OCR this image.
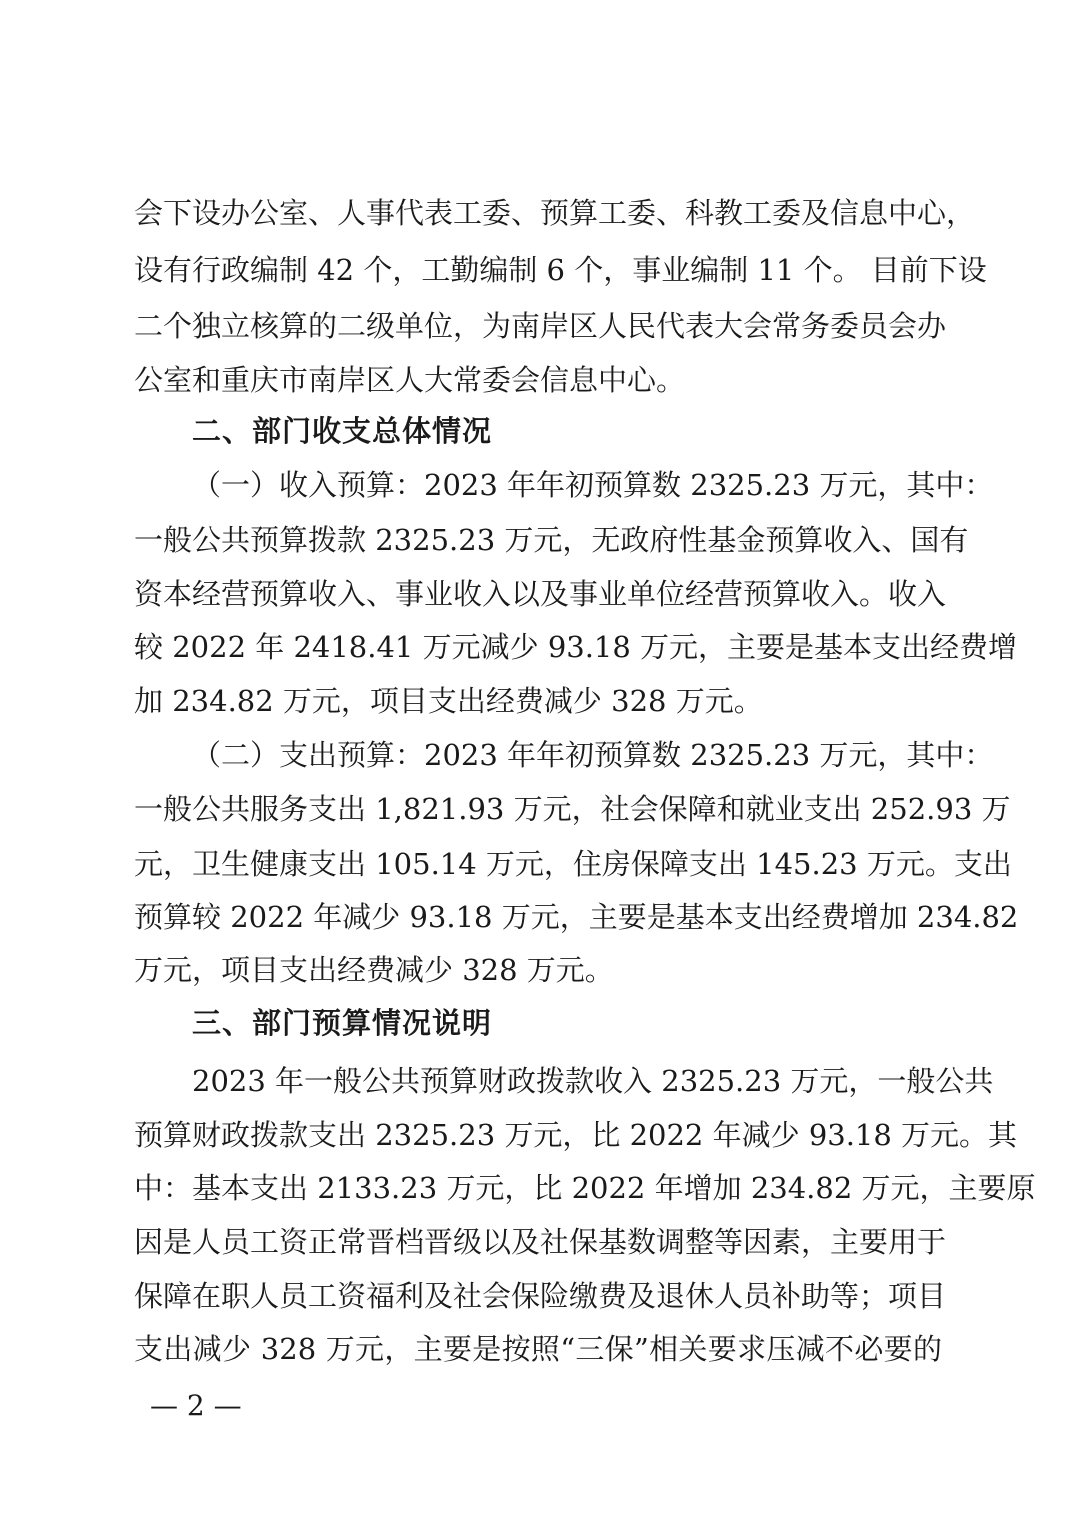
会下设办公室、人事代表工委、预算工委、科教工委及信息中心，
设有行政编制 42 个，工勤编制 6 个，事业编制 11 个。 目前下设
二个独立核算的二级单位，为南岸区人民代表大会常务委员会办
公室和重庆市南岸区人大常委会信息中心。
二、部门收支总体情况
（一）收入预算：2023 年年初预算数 2325.23 万元，其中：
一般公共预算拨款 2325.23 万元，无政府性基金预算收入、国有
资本经营预算收入、事业收入以及事业单位经营预算收入。收入
较 2022 年 2418.41 万元减少 93.18 万元，主要是基本支出经费增
加 234.82 万元，项目支出经费减少 328 万元。
（二）支出预算：2023 年年初预算数 2325.23 万元，其中：
一般公共服务支出 1,821.93 万元，社会保障和就业支出 252.93 万
元，卫生健康支出 105.14 万元，住房保障支出 145.23 万元。支出
预算较 2022 年减少 93.18 万元，主要是基本支出经费增加 234.82
万元，项目支出经费减少 328 万元。
三、部门预算情况说明
2023 年一般公共预算财政拨款收入 2325.23 万元，一般公共
预算财政拨款支出 2325.23 万元，比 2022 年减少 93.18 万元。其
中：基本支出 2133.23 万元，比 2022 年增加 234.82 万元，主要原
因是人员工资正常晋档晋级以及社保基数调整等因素，主要用于
保障在职人员工资福利及社会保险缴费及退休人员补助等；项目
支出减少 328 万元，主要是按照“三保”相关要求压减不必要的
— 2 —
